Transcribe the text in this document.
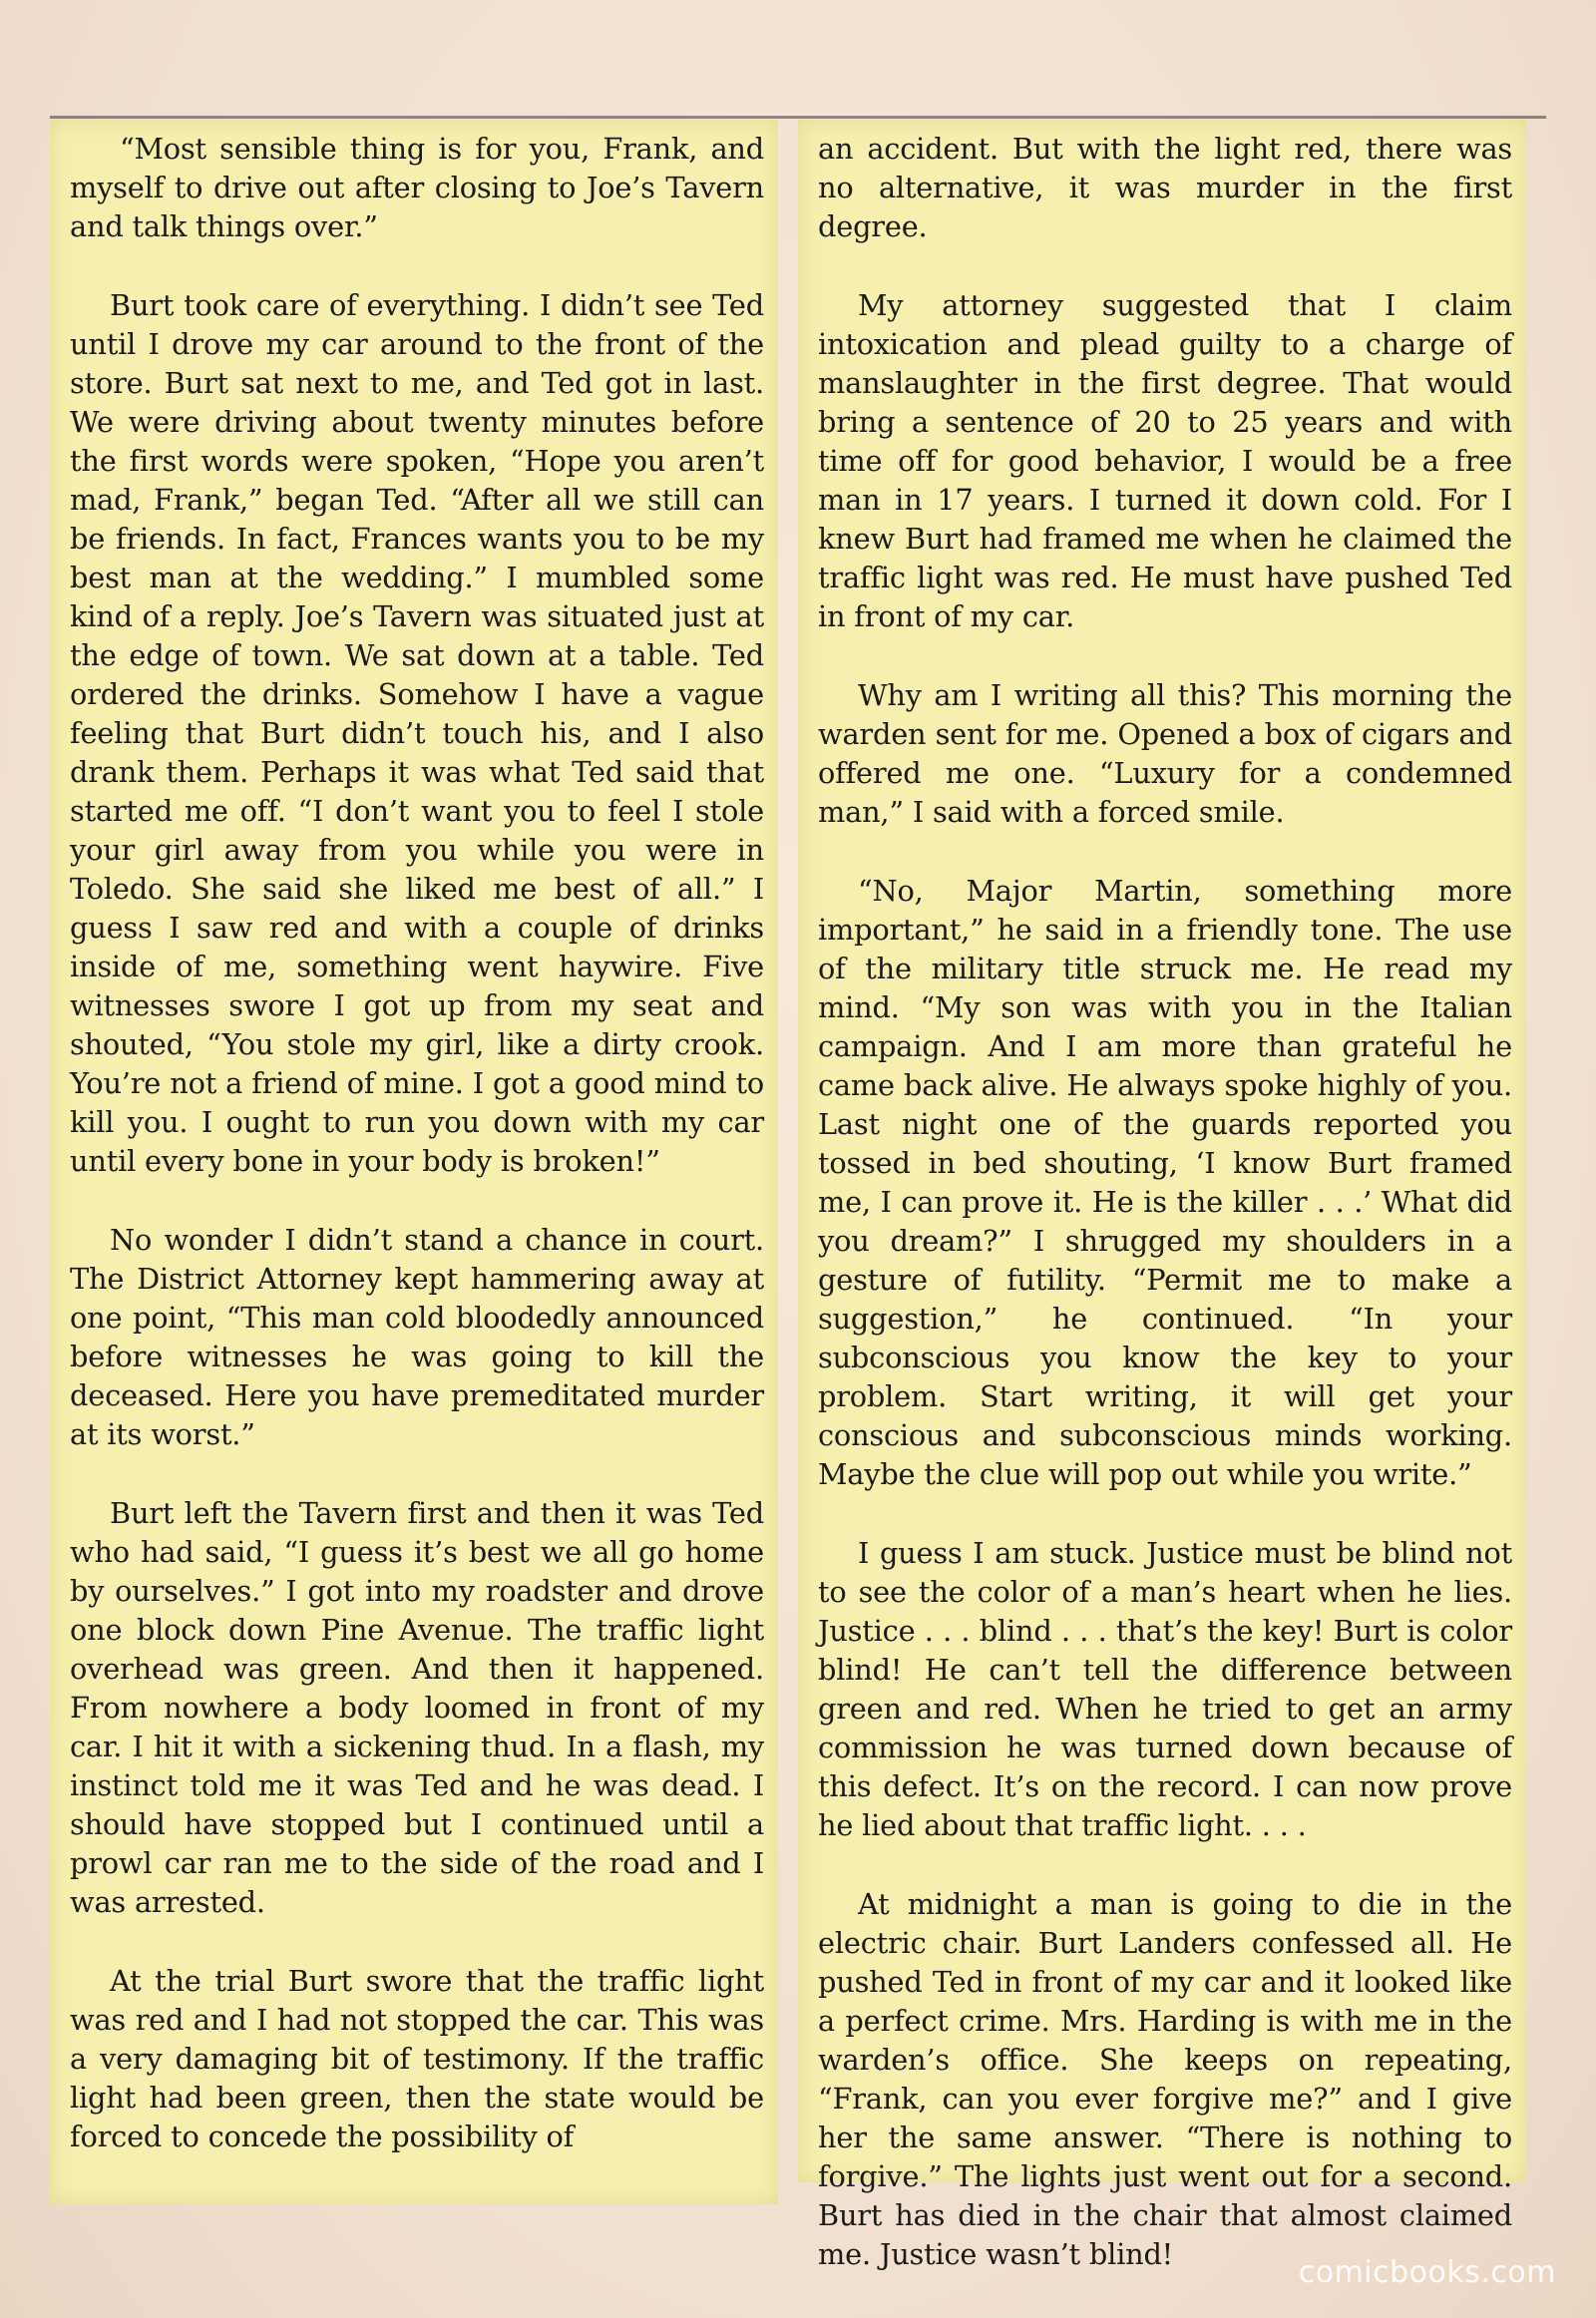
“Most sensible thing is for you, Frank, and myself to drive out after closing to Joe’s Tavern and talk things over.”

Burt took care of everything. I didn’t see Ted until I drove my car around to the front of the store. Burt sat next to me, and Ted got in last. We were driving about twenty minutes before the first words were spoken, “Hope you aren’t mad, Frank,” began Ted. “After all we still can be friends. In fact, Frances wants you to be my best man at the wedding.” I mumbled some kind of a reply. Joe’s Tavern was situated just at the edge of town. We sat down at a table. Ted ordered the drinks. Somehow I have a vague feeling that Burt didn’t touch his, and I also drank them. Perhaps it was what Ted said that started me off. “I don’t want you to feel I stole your girl away from you while you were in Toledo. She said she liked me best of all.” I guess I saw red and with a couple of drinks inside of me, something went haywire. Five witnesses swore I got up from my seat and shouted, “You stole my girl, like a dirty crook. You’re not a friend of mine. I got a good mind to kill you. I ought to run you down with my car until every bone in your body is broken!”

No wonder I didn’t stand a chance in court. The District Attorney kept hammering away at one point, “This man cold bloodedly announced before witnesses he was going to kill the deceased. Here you have premeditated murder at its worst.”

Burt left the Tavern first and then it was Ted who had said, “I guess it’s best we all go home by ourselves.” I got into my roadster and drove one block down Pine Avenue. The traffic light overhead was green. And then it happened. From nowhere a body loomed in front of my car. I hit it with a sickening thud. In a flash, my instinct told me it was Ted and he was dead. I should have stopped but I continued until a prowl car ran me to the side of the road and I was arrested.

At the trial Burt swore that the traffic light was red and I had not stopped the car. This was a very damaging bit of testimony. If the traffic light had been green, then the state would be forced to concede the possibility of

an accident. But with the light red, there was no alternative, it was murder in the first degree.

My attorney suggested that I claim intoxication and plead guilty to a charge of manslaughter in the first degree. That would bring a sentence of 20 to 25 years and with time off for good behavior, I would be a free man in 17 years. I turned it down cold. For I knew Burt had framed me when he claimed the traffic light was red. He must have pushed Ted in front of my car.

Why am I writing all this? This morning the warden sent for me. Opened a box of cigars and offered me one. “Luxury for a condemned man,” I said with a forced smile.

“No, Major Martin, something more important,” he said in a friendly tone. The use of the military title struck me. He read my mind. “My son was with you in the Italian campaign. And I am more than grateful he came back alive. He always spoke highly of you. Last night one of the guards reported you tossed in bed shouting, ‘I know Burt framed me, I can prove it. He is the killer . . .’ What did you dream?” I shrugged my shoulders in a gesture of futility. “Permit me to make a suggestion,” he continued. “In your subconscious you know the key to your problem. Start writing, it will get your conscious and subconscious minds working. Maybe the clue will pop out while you write.”

I guess I am stuck. Justice must be blind not to see the color of a man’s heart when he lies. Justice . . . blind . . . that’s the key! Burt is color blind! He can’t tell the difference between green and red. When he tried to get an army commission he was turned down because of this defect. It’s on the record. I can now prove he lied about that traffic light. . . .

At midnight a man is going to die in the electric chair. Burt Landers confessed all. He pushed Ted in front of my car and it looked like a perfect crime. Mrs. Harding is with me in the warden’s office. She keeps on repeating, “Frank, can you ever forgive me?” and I give her the same answer. “There is nothing to forgive.” The lights just went out for a second. Burt has died in the chair that almost claimed me. Justice wasn’t blind!

comicbooks.com
